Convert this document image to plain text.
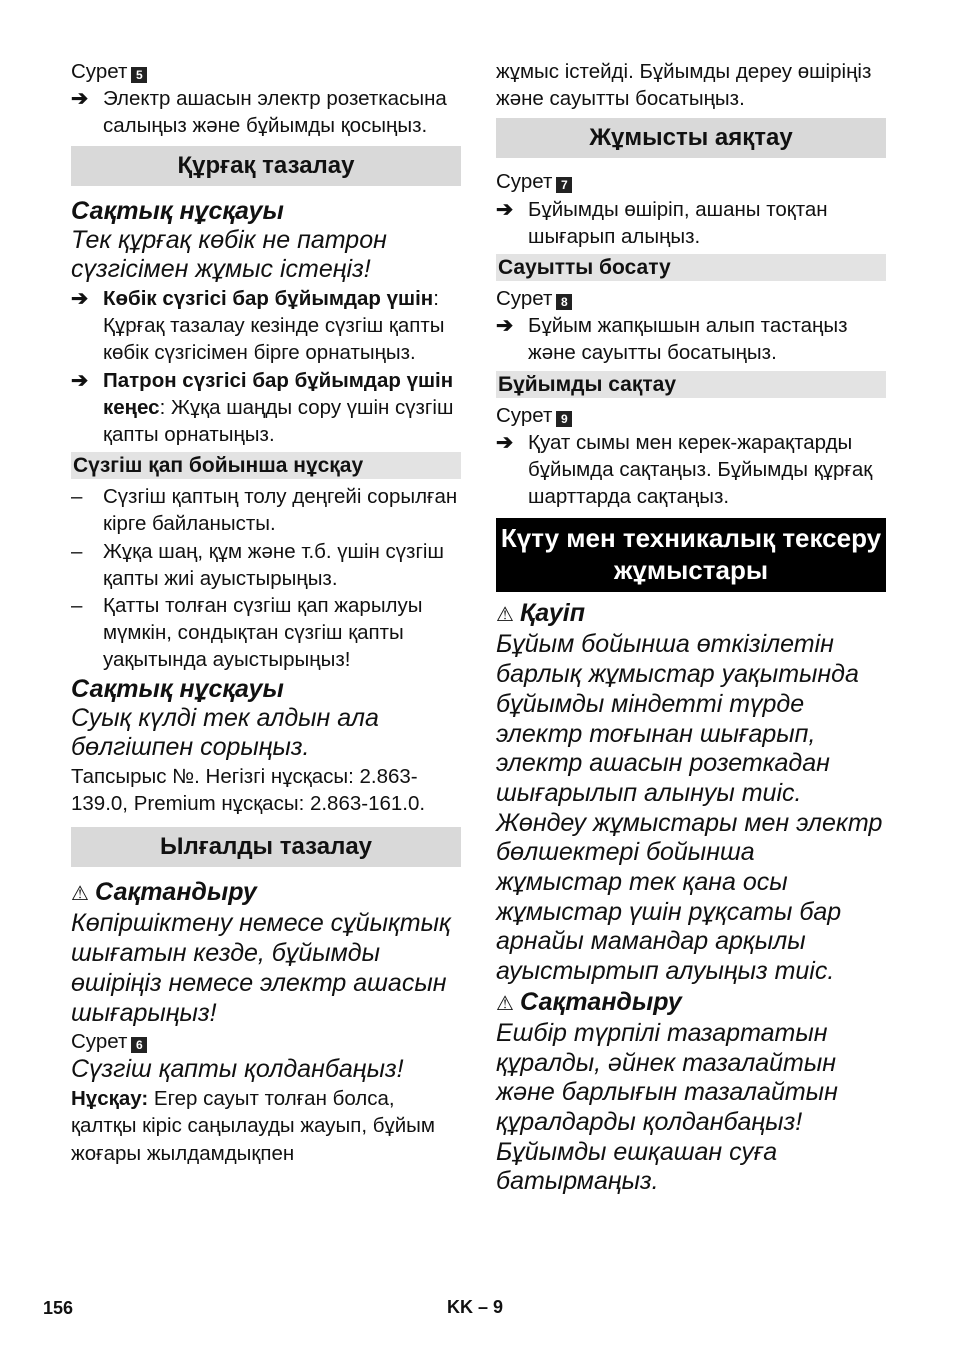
Сурет 5

➔ Электр ашасын электр розеткасына салыңыз және бұйымды қосыңыз.
Құрғақ тазалау

Сақтық нұсқауы

Тек құрғақ көбік не патрон сүзгісімен жұмыс істеңіз!

➔ Көбік сүзгісі бар бұйымдар үшін: Құрғақ тазалау кезінде сүзгіш қапты көбік сүзгісімен бірге орнатыңыз.
➔ Патрон сүзгісі бар бұйымдар үшін кеңес: Жұқа шаңды сору үшін сүзгіш қапты орнатыңыз.
Сүзгіш қап бойынша нұсқау
–	Сүзгіш қаптың толу деңгейі сорылған кірге байланысты.
–	Жұқа шаң, құм және т.б. үшін сүзгіш қапты жиі ауыстырыңыз.
–	Қатты толған сүзгіш қап жарылуы мүмкін, сондықтан сүзгіш қапты уақытында ауыстырыңыз!

Сақтық нұсқауы

Суық күлді тек алдын ала бөлгішпен сорыңыз.

Тапсырыс №. Негізгі нұсқасы: 2.863-139.0, Premium нұсқасы: 2.863-161.0.

Ылғалды тазалау

⚠ Сақтандыру

Көпіршіктену немесе сұйықтық шығатын кезде, бұйымды өшіріңіз немесе электр ашасын шығарыңыз!

Сурет 6

Сүзгіш қапты қолданбаңыз!

Нұсқау: Егер сауыт толған болса, қалтқы кіріс саңылауды жауып, бұйым жоғары жылдамдықпен

жұмыс істейді. Бұйымды дереу өшіріңіз және сауытты босатыңыз.

Жұмысты аяқтау

Сурет 7

➔ Бұйымды өшіріп, ашаны тоқтан шығарып алыңыз.
Сауытты босату

Сурет 8

➔ Бұйым жапқышын алып тастаңыз және сауытты босатыңыз.
Бұйымды сақтау

Сурет 9

➔ Қуат сымы мен керек-жарақтарды бұйымда сақтаңыз. Бұйымды құрғақ шарттарда сақтаңыз.
Күту мен техникалық тексеру жұмыстары

⚠ Қауіп

Бұйым бойынша өткізілетін барлық жұмыстар уақытында бұйымды міндетті түрде электр тоғынан шығарып, электр ашасын розеткадан шығарылып алынуы тиіс. Жөндеу жұмыстары мен электр бөлшектері бойынша жұмыстар тек қана осы жұмыстар үшін рұқсаты бар арнайы мамандар арқылы ауыстыртып алуыңыз тиіс.

⚠ Сақтандыру

Ешбір түрпілі тазартатын құралды, әйнек тазалайтын және барлығын тазалайтын құралдарды қолданбаңыз! Бұйымды ешқашан суға батырмаңыз.

156	KK – 9
